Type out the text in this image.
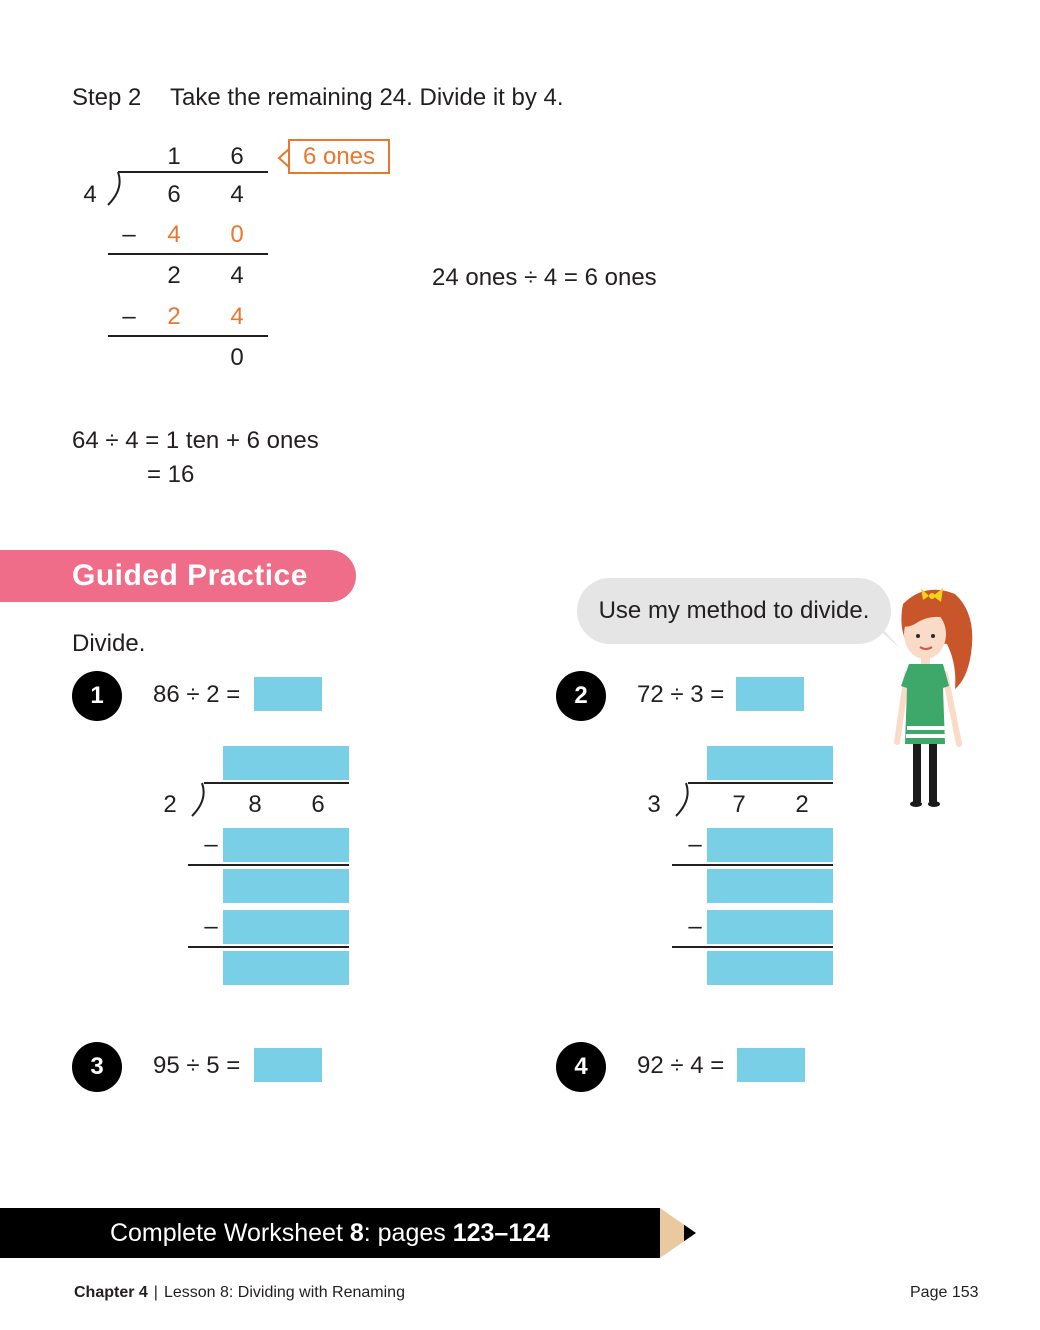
Step 2 Take the remaining 24. Divide it by 4.
1 6
4	6 4
– 4 0
2 4
– 2 4
0
6 ones
24 ones ÷ 4 = 6 ones
64 ÷ 4 = 1 ten + 6 ones
= 16
Guided Practice
Use my method to divide.
Divide.
1	86 ÷ 2 =
2	8 6
–
–
2	72 ÷ 3 =
3	7 2
–
–
3	95 ÷ 5 =	4	92 ÷ 4 =
Complete Worksheet 8 : pages 123–124
Chapter 4 | Lesson 8: Dividing with Renaming	Page 153
